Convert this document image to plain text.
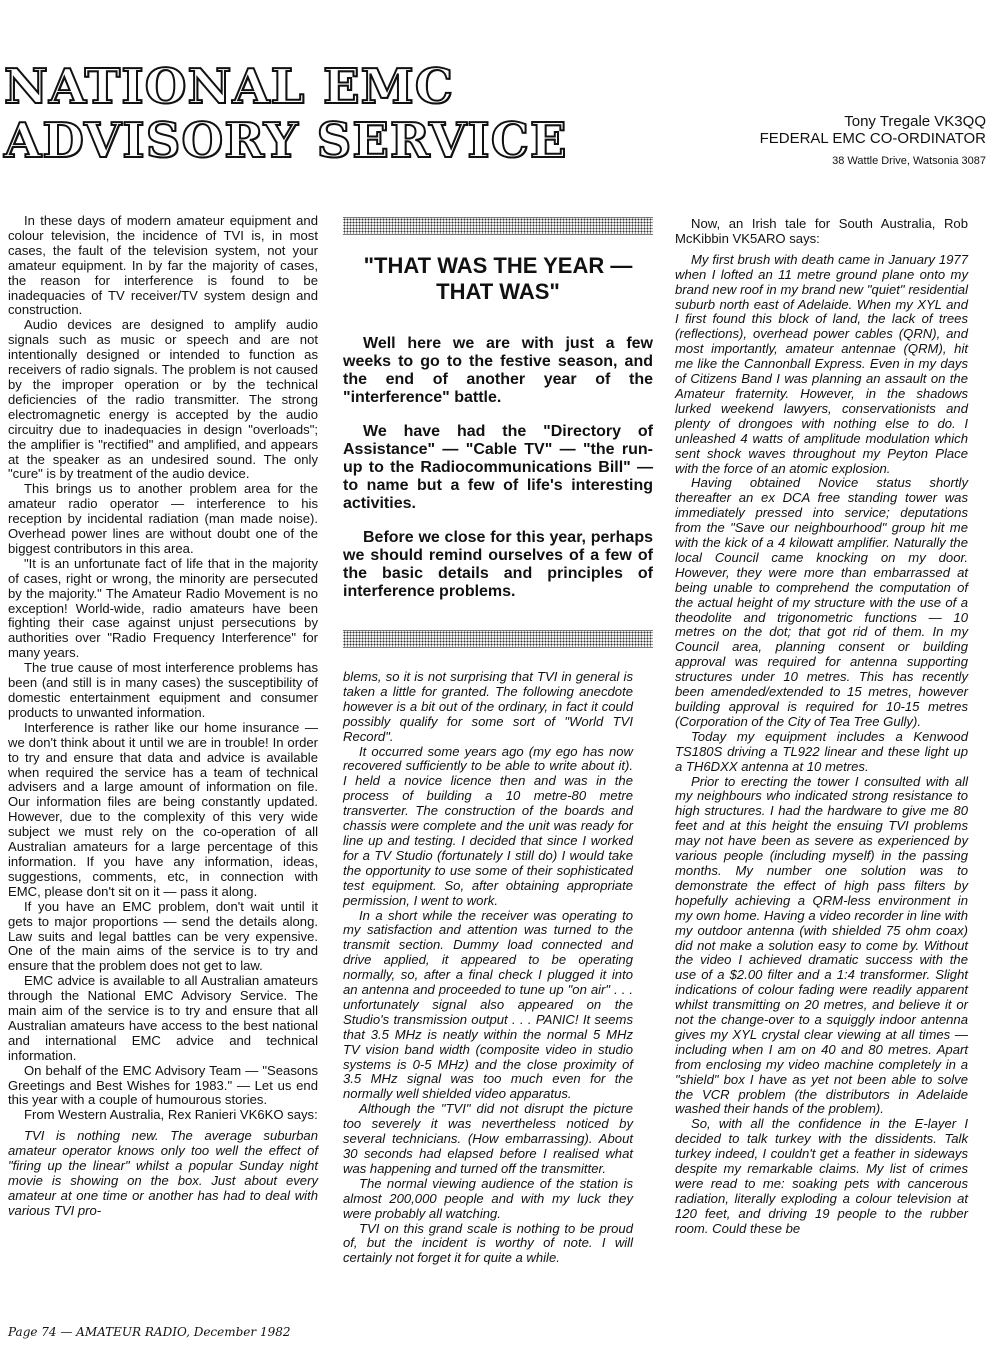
NATIONAL EMC
ADVISORY SERVICE	Tony Tregale VK3QQ
FEDERAL EMC CO-ORDINATOR
38 Wattle Drive, Watsonia 3087

In these days of modern amateur equipment and colour television, the incidence of TVI is, in most cases, the fault of the television system, not your amateur equipment. In by far the majority of cases, the reason for interference is found to be inadequacies of TV receiver/TV system design and construction.

Audio devices are designed to amplify audio signals such as music or speech and are not intentionally designed or intended to function as receivers of radio signals. The problem is not caused by the improper operation or by the technical deficiencies of the radio transmitter. The strong electromagnetic energy is accepted by the audio circuitry due to inadequacies in design "overloads"; the amplifier is "rectified" and amplified, and appears at the speaker as an undesired sound. The only "cure" is by treatment of the audio device.

This brings us to another problem area for the amateur radio operator — interference to his reception by incidental radiation (man made noise). Overhead power lines are without doubt one of the biggest contributors in this area.

"It is an unfortunate fact of life that in the majority of cases, right or wrong, the minority are persecuted by the majority." The Amateur Radio Movement is no exception! World-wide, radio amateurs have been fighting their case against unjust persecutions by authorities over "Radio Frequency Interference" for many years.

The true cause of most interference problems has been (and still is in many cases) the susceptibility of domestic entertainment equipment and consumer products to unwanted information.

Interference is rather like our home insurance — we don't think about it until we are in trouble! In order to try and ensure that data and advice is available when required the service has a team of technical advisers and a large amount of information on file. Our information files are being constantly updated. However, due to the complexity of this very wide subject we must rely on the co-operation of all Australian amateurs for a large percentage of this information. If you have any information, ideas, suggestions, comments, etc, in connection with EMC, please don't sit on it — pass it along.

If you have an EMC problem, don't wait until it gets to major proportions — send the details along. Law suits and legal battles can be very expensive. One of the main aims of the service is to try and ensure that the problem does not get to law.

EMC advice is available to all Australian amateurs through the National EMC Advisory Service. The main aim of the service is to try and ensure that all Australian amateurs have access to the best national and international EMC advice and technical information.

On behalf of the EMC Advisory Team — "Seasons Greetings and Best Wishes for 1983." — Let us end this year with a couple of humourous stories.

From Western Australia, Rex Ranieri VK6KO says:

TVI is nothing new. The average suburban amateur operator knows only too well the effect of "firing up the linear" whilst a popular Sunday night movie is showing on the box. Just about every amateur at one time or another has had to deal with various TVI pro-

"THAT WAS THE YEAR — THAT WAS"

Well here we are with just a few weeks to go to the festive season, and the end of another year of the "interference" battle.

We have had the "Directory of Assistance" — "Cable TV" — "the run-up to the Radiocommunications Bill" — to name but a few of life's interesting activities.

Before we close for this year, perhaps we should remind ourselves of a few of the basic details and principles of interference problems.

blems, so it is not surprising that TVI in general is taken a little for granted. The following anecdote however is a bit out of the ordinary, in fact it could possibly qualify for some sort of "World TVI Record".

It occurred some years ago (my ego has now recovered sufficiently to be able to write about it). I held a novice licence then and was in the process of building a 10 metre-80 metre transverter. The construction of the boards and chassis were complete and the unit was ready for line up and testing. I decided that since I worked for a TV Studio (fortunately I still do) I would take the opportunity to use some of their sophisticated test equipment. So, after obtaining appropriate permission, I went to work.

In a short while the receiver was operating to my satisfaction and attention was turned to the transmit section. Dummy load connected and drive applied, it appeared to be operating normally, so, after a final check I plugged it into an antenna and proceeded to tune up "on air" . . . unfortunately signal also appeared on the Studio's transmission output . . . PANIC! It seems that 3.5 MHz is neatly within the normal 5 MHz TV vision band width (composite video in studio systems is 0-5 MHz) and the close proximity of 3.5 MHz signal was too much even for the normally well shielded video apparatus.

Although the "TVI" did not disrupt the picture too severely it was nevertheless noticed by several technicians. (How embarrassing). About 30 seconds had elapsed before I realised what was happening and turned off the transmitter.

The normal viewing audience of the station is almost 200,000 people and with my luck they were probably all watching.

TVI on this grand scale is nothing to be proud of, but the incident is worthy of note. I will certainly not forget it for quite a while.

Now, an Irish tale for South Australia, Rob McKibbin VK5ARO says:

My first brush with death came in January 1977 when I lofted an 11 metre ground plane onto my brand new roof in my brand new "quiet" residential suburb north east of Adelaide. When my XYL and I first found this block of land, the lack of trees (reflections), overhead power cables (QRN), and most importantly, amateur antennae (QRM), hit me like the Cannonball Express. Even in my days of Citizens Band I was planning an assault on the Amateur fraternity. However, in the shadows lurked weekend lawyers, conservationists and plenty of drongoes with nothing else to do. I unleashed 4 watts of amplitude modulation which sent shock waves throughout my Peyton Place with the force of an atomic explosion.

Having obtained Novice status shortly thereafter an ex DCA free standing tower was immediately pressed into service; deputations from the "Save our neighbourhood" group hit me with the kick of a 4 kilowatt amplifier. Naturally the local Council came knocking on my door. However, they were more than embarrassed at being unable to comprehend the computation of the actual height of my structure with the use of a theodolite and trigonometric functions — 10 metres on the dot; that got rid of them. In my Council area, planning consent or building approval was required for antenna supporting structures under 10 metres. This has recently been amended/extended to 15 metres, however building approval is required for 10-15 metres (Corporation of the City of Tea Tree Gully).

Today my equipment includes a Kenwood TS180S driving a TL922 linear and these light up a TH6DXX antenna at 10 metres.

Prior to erecting the tower I consulted with all my neighbours who indicated strong resistance to high structures. I had the hardware to give me 80 feet and at this height the ensuing TVI problems may not have been as severe as experienced by various people (including myself) in the passing months. My number one solution was to demonstrate the effect of high pass filters by hopefully achieving a QRM-less environment in my own home. Having a video recorder in line with my outdoor antenna (with shielded 75 ohm coax) did not make a solution easy to come by. Without the video I achieved dramatic success with the use of a $2.00 filter and a 1:4 transformer. Slight indications of colour fading were readily apparent whilst transmitting on 20 metres, and believe it or not the change-over to a squiggly indoor antenna gives my XYL crystal clear viewing at all times — including when I am on 40 and 80 metres. Apart from enclosing my video machine completely in a "shield" box I have as yet not been able to solve the VCR problem (the distributors in Adelaide washed their hands of the problem).

So, with all the confidence in the E-layer I decided to talk turkey with the dissidents. Talk turkey indeed, I couldn't get a feather in sideways despite my remarkable claims. My list of crimes were read to me: soaking pets with cancerous radiation, literally exploding a colour television at 120 feet, and driving 19 people to the rubber room. Could these be

Page 74 — AMATEUR RADIO, December 1982
